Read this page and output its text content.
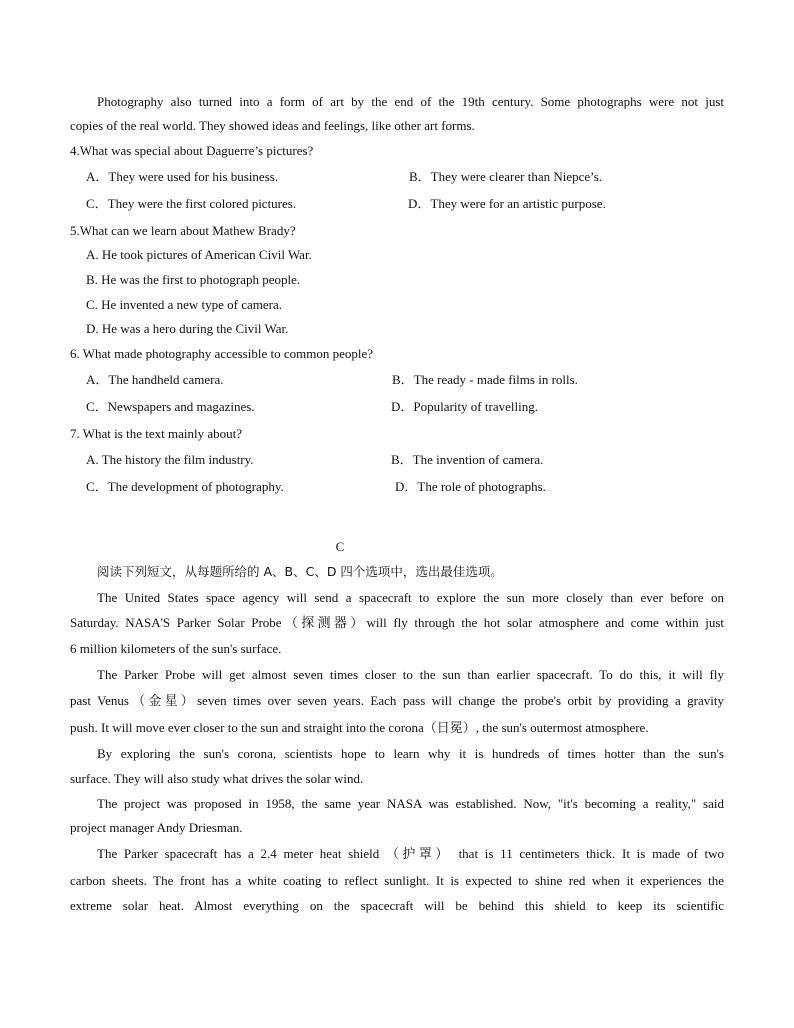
Photography also turned into a form of art by the end of the 19th century. Some photographs were not just
copies of the real world. They showed ideas and feelings, like other art forms.
4.What was special about Daguerre’s pictures?
A．They were used for his business.	B．They were clearer than Niepce’s.
C．They were the first colored pictures.	D．They were for an artistic purpose.
5.What can we learn about Mathew Brady?
A. He took pictures of American Civil War.
B. He was the first to photograph people.
C. He invented a new type of camera.
D. He was a hero during the Civil War.
6. What made photography accessible to common people?
A．The handheld camera.	B．The ready - made films in rolls.
C．Newspapers and magazines.	D．Popularity of travelling.
7. What is the text mainly about?
A. The history the film industry.	B．The invention of camera.
C．The development of photography.	D．The role of photographs.
C
阅读下列短文，从每题所给的 A、B、C、D 四个选项中，选出最佳选项。
The United States space agency will send a spacecraft to explore the sun more closely than ever before on
Saturday. NASA'S Parker Solar Probe（探测器）will fly through the hot solar atmosphere and come within just
6 million kilometers of the sun's surface.
The Parker Probe will get almost seven times closer to the sun than earlier spacecraft. To do this, it will fly
past Venus（金星）seven times over seven years. Each pass will change the probe's orbit by providing a gravity
push. It will move ever closer to the sun and straight into the corona（日冕）, the sun's outermost atmosphere.
By exploring the sun's corona, scientists hope to learn why it is hundreds of times hotter than the sun's
surface. They will also study what drives the solar wind.
The project was proposed in 1958, the same year NASA was established. Now, "it's becoming a reality," said
project manager Andy Driesman.
The Parker spacecraft has a 2.4 meter heat shield （护罩） that is 11 centimeters thick. It is made of two
carbon sheets. The front has a white coating to reflect sunlight. It is expected to shine red when it experiences the
extreme solar heat. Almost everything on the spacecraft will be behind this shield to keep its scientific
